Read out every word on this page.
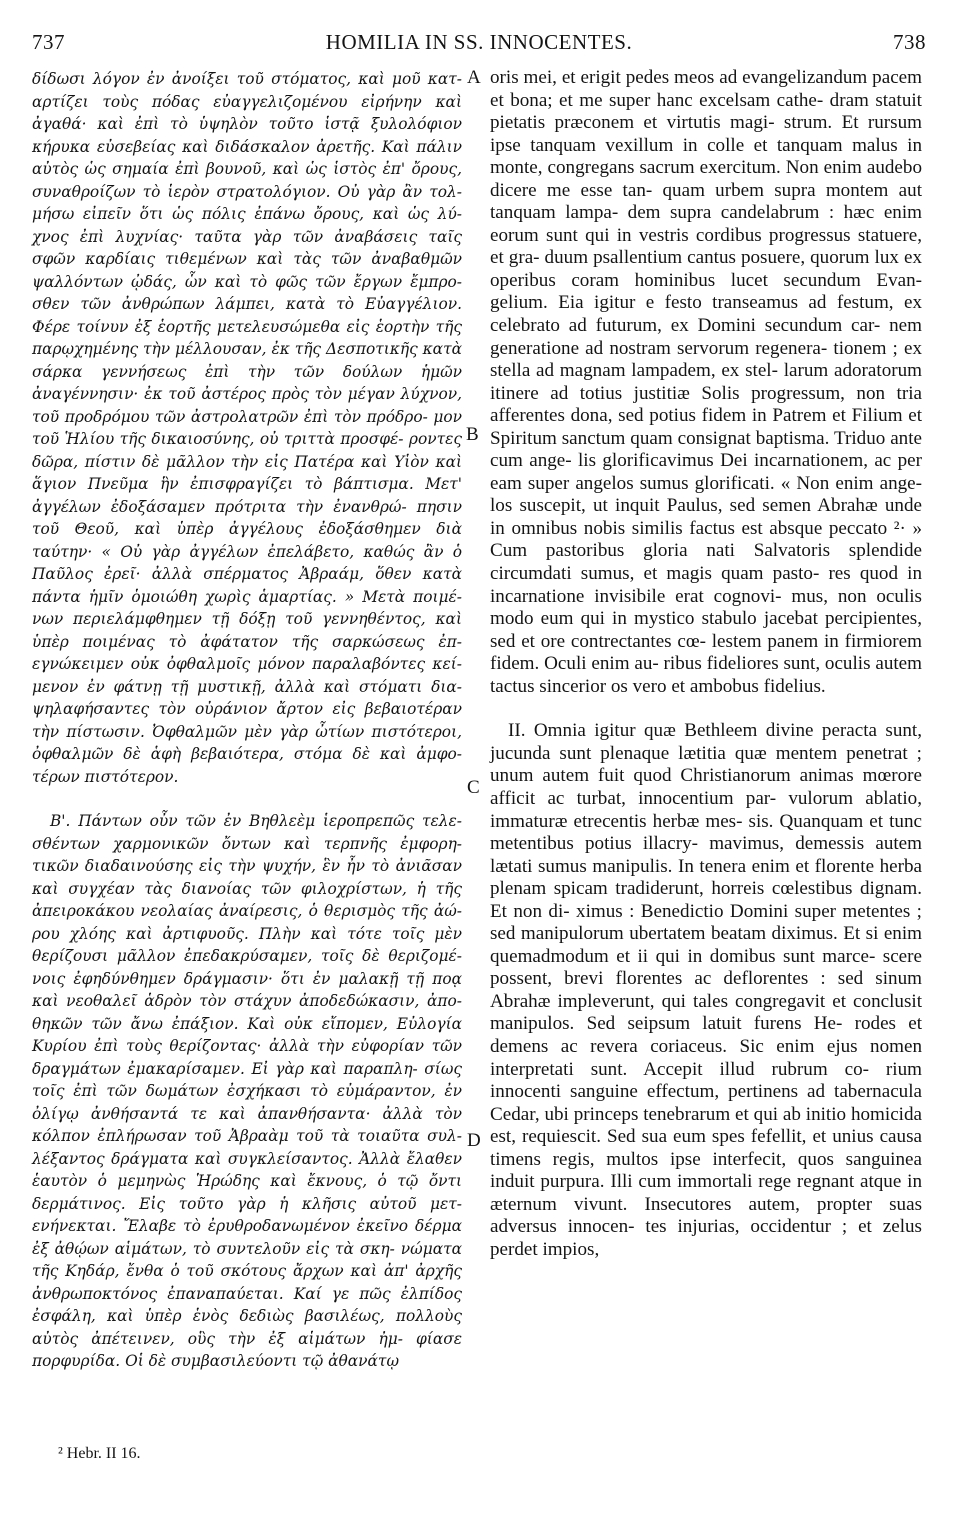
737	HOMILIA IN SS. INNOCENTES.	738

δίδωσι λόγον ἐν ἀνοίξει τοῦ στόματος, καὶ μοῦ κατ- αρτίζει τοὺς πόδας εὐαγγελιζομένου εἰρήνην καὶ ἀγαθά· καὶ ἐπὶ τὸ ὑψηλὸν τοῦτο ἱστᾷ ξυλολόφιον κήρυκα εὐσεβείας καὶ διδάσκαλον ἀρετῆς. Καὶ πάλιν αὐτὸς ὡς σημαία ἐπὶ βουνοῦ, καὶ ὡς ἱστὸς ἐπ' ὄρους, συναθροίζων τὸ ἱερὸν στρατολόγιον. Οὐ γὰρ ἂν τολ- μήσω εἰπεῖν ὅτι ὡς πόλις ἐπάνω ὄρους, καὶ ὡς λύ- χνος ἐπὶ λυχνίας· ταῦτα γὰρ τῶν ἀναβάσεις ταῖς σφῶν καρδίαις τιθεμένων καὶ τὰς τῶν ἀναβαθμῶν ψαλλόντων ᾠδάς, ὧν καὶ τὸ φῶς τῶν ἔργων ἔμπρο- σθεν τῶν ἀνθρώπων λάμπει, κατὰ τὸ Εὐαγγέλιον. Φέρε τοίνυν ἐξ ἑορτῆς μετελευσώμεθα εἰς ἑορτὴν τῆς παρῳχημένης τὴν μέλλουσαν, ἐκ τῆς Δεσποτικῆς κατὰ σάρκα γεννήσεως ἐπὶ τὴν τῶν δούλων ἡμῶν ἀναγέννησιν· ἐκ τοῦ ἀστέρος πρὸς τὸν μέγαν λύχνον, τοῦ προδρόμου τῶν ἀστρολατρῶν ἐπὶ τὸν πρόδρο- μον τοῦ Ἡλίου τῆς δικαιοσύνης, οὐ τριττὰ προσφέ- ροντες δῶρα, πίστιν δὲ μᾶλλον τὴν εἰς Πατέρα καὶ Υἱὸν καὶ ἅγιον Πνεῦμα ἣν ἐπισφραγίζει τὸ βάπτισμα. Μετ' ἀγγέλων ἐδοξάσαμεν πρότριτα τὴν ἐνανθρώ- πησιν τοῦ Θεοῦ, καὶ ὑπὲρ ἀγγέλους ἐδοξάσθημεν διὰ ταύτην· « Οὐ γὰρ ἀγγέλων ἐπελάβετο, καθώς ἂν ὁ Παῦλος ἐρεῖ· ἀλλὰ σπέρματος Ἀβραάμ, ὅθεν κατὰ πάντα ἡμῖν ὁμοιώθη χωρὶς ἁμαρτίας. » Μετὰ ποιμέ- νων περιελάμφθημεν τῇ δόξῃ τοῦ γεννηθέντος, καὶ ὑπὲρ ποιμένας τὸ ἀφάτατον τῆς σαρκώσεως ἐπ- εγνώκειμεν οὐκ ὀφθαλμοῖς μόνον παραλαβόντες κεί- μενον ἐν φάτνῃ τῇ μυστικῇ, ἀλλὰ καὶ στόματι δια- ψηλαφήσαντες τὸν οὐράνιον ἄρτον εἰς βεβαιοτέραν τὴν πίστωσιν. Ὀφθαλμῶν μὲν γὰρ ὦτίων πιστότεροι, ὀφθαλμῶν δὲ ἁφὴ βεβαιότερα, στόμα δὲ καὶ ἀμφο- τέρων πιστότερον.

Β'. Πάντων οὖν τῶν ἐν Βηθλεὲμ ἱεροπρεπῶς τελε- σθέντων χαρμονικῶν ὄντων καὶ τερπνῆς ἐμφορη- τικῶν διαδαινούσης εἰς τὴν ψυχήν, ἓν ἦν τὸ ἀνιᾶσαν καὶ συγχέαν τὰς διανοίας τῶν φιλοχρίστων, ἡ τῆς ἀπειροκάκου νεολαίας ἀναίρεσις, ὁ θερισμὸς τῆς ἀώ- ρου χλόης καὶ ἀρτιφυοῦς. Πλὴν καὶ τότε τοῖς μὲν θερίζουσι μᾶλλον ἐπεδακρύσαμεν, τοῖς δὲ θεριζομέ- νοις ἐφηδύνθημεν δράγμασιν· ὅτι ἐν μαλακῇ τῇ ποᾳ καὶ νεοθαλεῖ ἁδρὸν τὸν στάχυν ἀποδεδώκασιν, ἀπο- θηκῶν τῶν ἄνω ἐπάξιον. Καὶ οὐκ εἴπομεν, Εὐλογία Κυρίου ἐπὶ τοὺς θερίζοντας· ἀλλὰ τὴν εὐφορίαν τῶν δραγμάτων ἐμακαρίσαμεν. Εἰ γὰρ καὶ παραπλη- σίως τοῖς ἐπὶ τῶν δωμάτων ἐσχήκασι τὸ εὐμάραντον, ἐν ὀλίγῳ ἀνθήσαντά τε καὶ ἀπανθήσαντα· ἀλλὰ τὸν κόλπον ἐπλήρωσαν τοῦ Ἀβραὰμ τοῦ τὰ τοιαῦτα συλ- λέξαντος δράγματα καὶ συγκλείσαντος. Ἀλλὰ ἔλαθεν ἑαυτὸν ὁ μεμηνὼς Ἡρώδης καὶ ἔκνους, ὁ τῷ ὄντι δερμάτινος. Εἰς τοῦτο γὰρ ἡ κλῆσις αὐτοῦ μετ- ενήνεκται. Ἔλαβε τὸ ἐρυθροδανωμένον ἐκεῖνο δέρμα ἐξ ἀθῴων αἱμάτων, τὸ συντελοῦν εἰς τὰ σκη- νώματα τῆς Κηδάρ, ἔνθα ὁ τοῦ σκότους ἄρχων καὶ ἀπ' ἀρχῆς ἀνθρωποκτόνος ἐπαναπαύεται. Καί γε πῶς ἐλπίδος ἐσφάλη, καὶ ὑπὲρ ἑνὸς δεδιὼς βασιλέως, πολλοὺς αὐτὸς ἀπέτεινεν, οὓς τὴν ἐξ αἱμάτων ἠμ- φίασε πορφυρίδα. Οἱ δὲ συμβασιλεύοντι τῷ ἀθανάτῳ

A
B
C
D

oris mei, et erigit pedes meos ad evangelizandum pacem et bona; et me super hanc excelsam cathe- dram statuit pietatis præconem et virtutis magi- strum. Et rursum ipse tanquam vexillum in colle et tanquam malus in monte, congregans sacrum exercitum. Non enim audebo dicere me esse tan- quam urbem supra montem aut tanquam lampa- dem supra candelabrum : hæc enim eorum sunt qui in vestris cordibus progressus statuere, et gra- duum psallentium cantus posuere, quorum lux ex operibus coram hominibus lucet secundum Evan- gelium. Eia igitur e festo transeamus ad festum, ex celebrato ad futurum, ex Domini secundum car- nem generatione ad nostram servorum regenera- tionem ; ex stella ad magnam lampadem, ex stel- larum adoratorum itinere ad totius justitiæ Solis progressum, non tria afferentes dona, sed potius fidem in Patrem et Filium et Spiritum sanctum quam consignat baptisma. Triduo ante cum ange- lis glorificavimus Dei incarnationem, ac per eam super angelos sumus glorificati. « Non enim ange- los suscepit, ut inquit Paulus, sed semen Abrahæ unde in omnibus nobis similis factus est absque peccato ²· » Cum pastoribus gloria nati Salvatoris splendide circumdati sumus, et magis quam pasto- res quod in incarnatione invisibile erat cognovi- mus, non oculis modo eum qui in mystico stabulo jacebat percipientes, sed et ore contrectantes cœ- lestem panem in firmiorem fidem. Oculi enim au- ribus fideliores sunt, oculis autem tactus sincerior os vero et ambobus fidelius.

II. Omnia igitur quæ Bethleem divine peracta sunt, jucunda sunt plenaque lætitia quæ mentem penetrat ; unum autem fuit quod Christianorum animas mœrore afficit ac turbat, innocentium par- vulorum ablatio, immaturæ etrecentis herbæ mes- sis. Quanquam et tunc metentibus potius illacry- mavimus, demessis autem lætati sumus manipulis. In tenera enim et florente herba plenam spicam tradiderunt, horreis cœlestibus dignam. Et non di- ximus : Benedictio Domini super metentes ; sed manipulorum ubertatem beatam diximus. Et si enim quemadmodum et ii qui in domibus sunt marce- scere possent, brevi florentes ac deflorentes : sed sinum Abrahæ impleverunt, qui tales congregavit et conclusit manipulos. Sed seipsum latuit furens He- rodes et demens ac revera coriaceus. Sic enim ejus nomen interpretati sunt. Accepit illud rubrum co- rium innocenti sanguine effectum, pertinens ad tabernacula Cedar, ubi princeps tenebrarum et qui ab initio homicida est, requiescit. Sed sua eum spes fefellit, et unius causa timens regis, multos ipse interfecit, quos sanguinea induit purpura. Illi cum immortali rege regnant atque in æternum vivunt. Insecutores autem, propter suas adversus innocen- tes injurias, occidentur ; et zelus perdet impios,

² Hebr. II 16.
